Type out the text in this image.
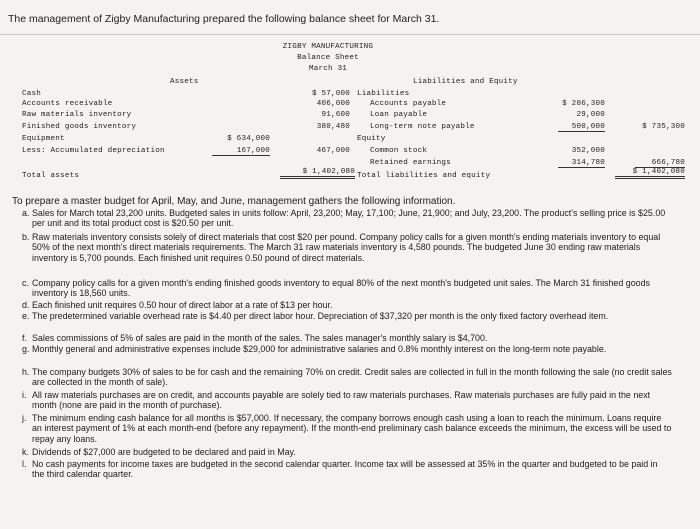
The management of Zigby Manufacturing prepared the following balance sheet for March 31.
ZIGBY MANUFACTURING
Balance Sheet
March 31
Assets	Liabilities and Equity
Cash
Accounts receivable
Raw materials inventory
Finished goods inventory
Equipment
Less: Accumulated depreciation
$ 634,000
167,000
$ 57,000
406,000
91,600
380,480
467,000
Total assets	$ 1,402,080
Liabilities
Accounts payable
Loan payable
Long-term note payable
Equity
Common stock
Retained earnings
Total liabilities and equity
$ 206,300
29,000
500,000
352,000
314,780
$ 735,300
666,780
$ 1,402,080
To prepare a master budget for April, May, and June, management gathers the following information.
a. Sales for March total 23,200 units. Budgeted sales in units follow: April, 23,200; May, 17,100; June, 21,900; and July, 23,200. The product's selling price is $25.00 per unit and its total product cost is $20.50 per unit.
b. Raw materials inventory consists solely of direct materials that cost $20 per pound. Company policy calls for a given month's ending materials inventory to equal 50% of the next month's direct materials requirements. The March 31 raw materials inventory is 4,580 pounds. The budgeted June 30 ending raw materials inventory is 5,700 pounds. Each finished unit requires 0.50 pound of direct materials.
c. Company policy calls for a given month's ending finished goods inventory to equal 80% of the next month's budgeted unit sales. The March 31 finished goods inventory is 18,560 units.
d. Each finished unit requires 0.50 hour of direct labor at a rate of $13 per hour.
e. The predetermined variable overhead rate is $4.40 per direct labor hour. Depreciation of $37,320 per month is the only fixed factory overhead item.
f. Sales commissions of 5% of sales are paid in the month of the sales. The sales manager's monthly salary is $4,700.
g. Monthly general and administrative expenses include $29,000 for administrative salaries and 0.8% monthly interest on the long-term note payable.
h. The company budgets 30% of sales to be for cash and the remaining 70% on credit. Credit sales are collected in full in the month following the sale (no credit sales are collected in the month of sale).
i. All raw materials purchases are on credit, and accounts payable are solely tied to raw materials purchases. Raw materials purchases are fully paid in the next month (none are paid in the month of purchase).
j. The minimum ending cash balance for all months is $57,000. If necessary, the company borrows enough cash using a loan to reach the minimum. Loans require an interest payment of 1% at each month-end (before any repayment). If the month-end preliminary cash balance exceeds the minimum, the excess will be used to repay any loans.
k. Dividends of $27,000 are budgeted to be declared and paid in May.
l. No cash payments for income taxes are budgeted in the second calendar quarter. Income tax will be assessed at 35% in the quarter and budgeted to be paid in the third calendar quarter.
